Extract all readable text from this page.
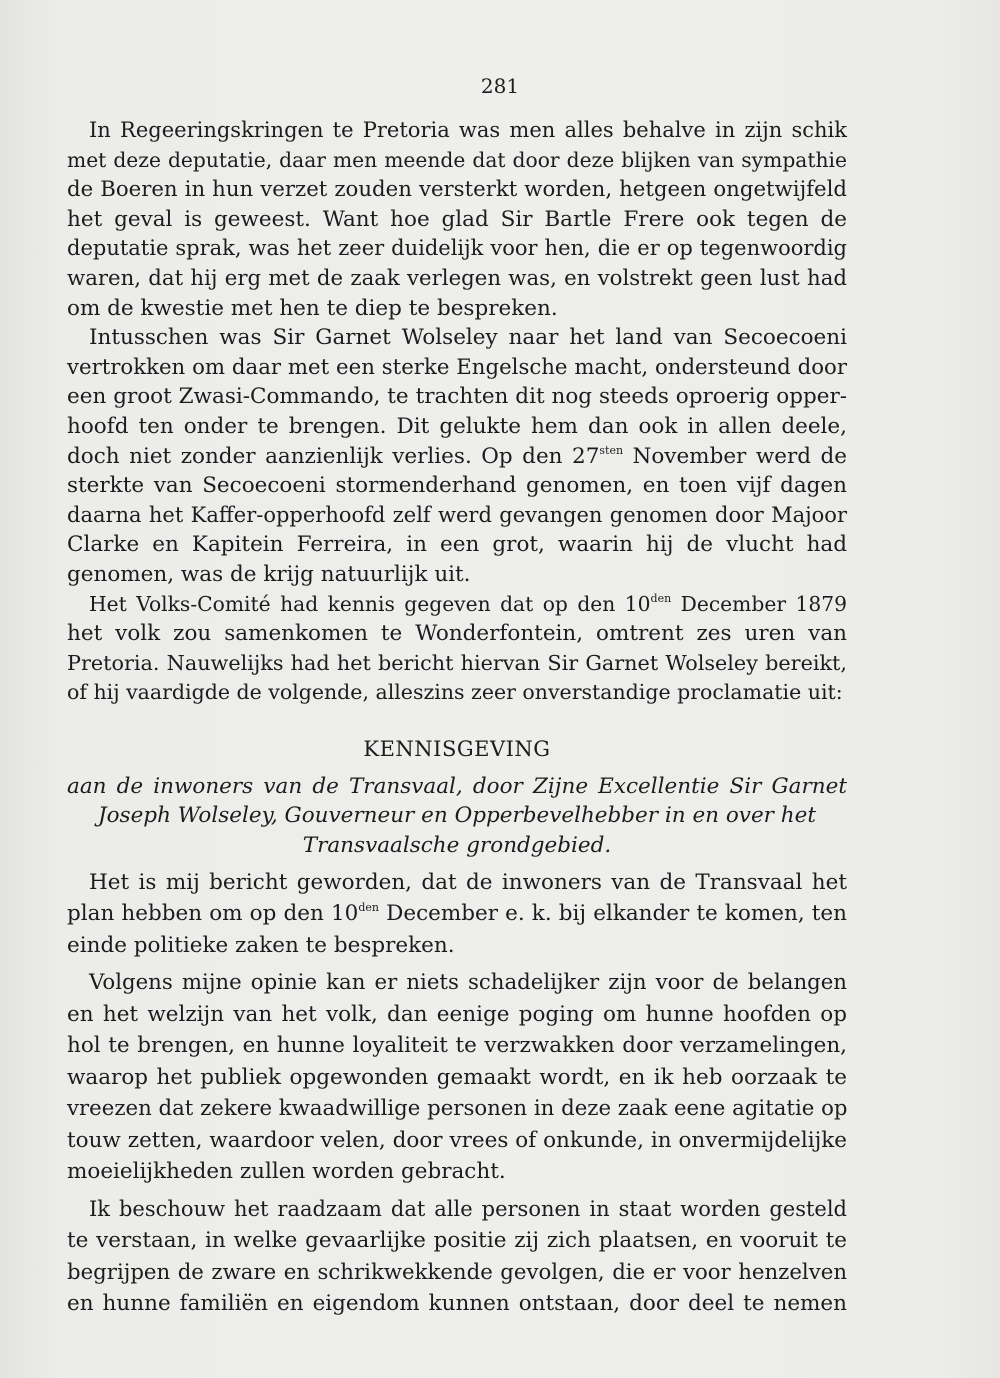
281
In Regeeringskringen te Pretoria was men alles behalve in zijn schik
met deze deputatie, daar men meende dat door deze blijken van sympathie
de Boeren in hun verzet zouden versterkt worden, hetgeen ongetwijfeld
het geval is geweest. Want hoe glad Sir Bartle Frere ook tegen de
deputatie sprak, was het zeer duidelijk voor hen, die er op tegenwoordig
waren, dat hij erg met de zaak verlegen was, en volstrekt geen lust had
om de kwestie met hen te diep te bespreken.
Intusschen was Sir Garnet Wolseley naar het land van Secoecoeni
vertrokken om daar met een sterke Engelsche macht, ondersteund door
een groot Zwasi-Commando, te trachten dit nog steeds oproerig opper-
hoofd ten onder te brengen. Dit gelukte hem dan ook in allen deele,
doch niet zonder aanzienlijk verlies. Op den $27^{sten}$ November werd de
sterkte van Secoecoeni stormenderhand genomen, en toen vijf dagen
daarna het Kaffer-opperhoofd zelf werd gevangen genomen door Majoor
Clarke en Kapitein Ferreira, in een grot, waarin hij de vlucht had
genomen, was de krijg natuurlijk uit.
Het Volks-Comité had kennis gegeven dat op den $10^{den}$ December 1879
het volk zou samenkomen te Wonderfontein, omtrent zes uren van
Pretoria. Nauwelijks had het bericht hiervan Sir Garnet Wolseley bereikt,
of hij vaardigde de volgende, alleszins zeer onverstandige proclamatie uit:
KENNISGEVING
aan de inwoners van de Transvaal, door Zijne Excellentie Sir Garnet
Joseph Wolseley, Gouverneur en Opperbevelhebber in en over het
Transvaalsche grondgebied.
Het is mij bericht geworden, dat de inwoners van de Transvaal het
plan hebben om op den $10^{den}$ December e. k. bij elkander te komen, ten
einde politieke zaken te bespreken.
Volgens mijne opinie kan er niets schadelijker zijn voor de belangen
en het welzijn van het volk, dan eenige poging om hunne hoofden op
hol te brengen, en hunne loyaliteit te verzwakken door verzamelingen,
waarop het publiek opgewonden gemaakt wordt, en ik heb oorzaak te
vreezen dat zekere kwaadwillige personen in deze zaak eene agitatie op
touw zetten, waardoor velen, door vrees of onkunde, in onvermijdelijke
moeielijkheden zullen worden gebracht.
Ik beschouw het raadzaam dat alle personen in staat worden gesteld
te verstaan, in welke gevaarlijke positie zij zich plaatsen, en vooruit te
begrijpen de zware en schrikwekkende gevolgen, die er voor henzelven
en hunne familiën en eigendom kunnen ontstaan, door deel te nemen
